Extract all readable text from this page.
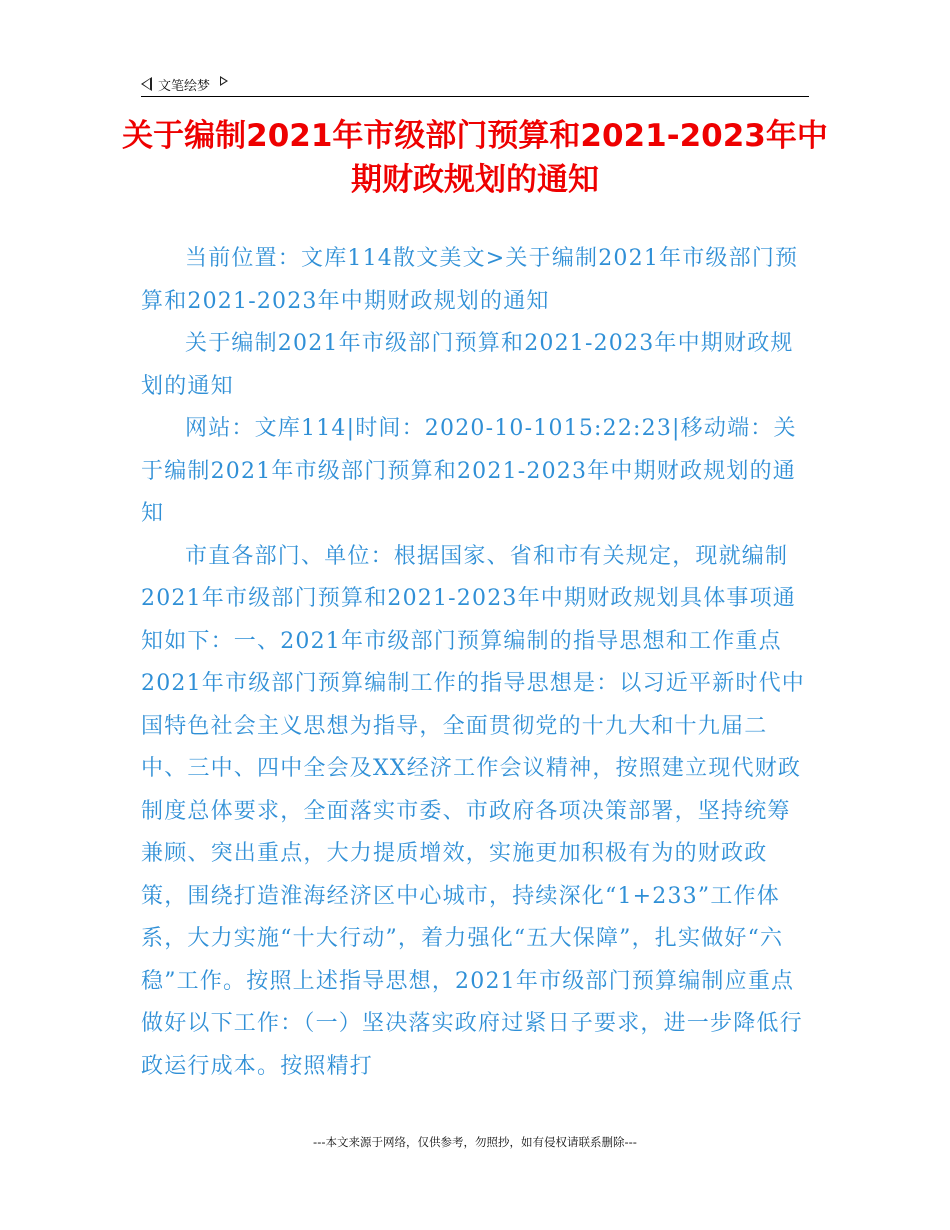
文笔绘梦
关于编制2021年市级部门预算和2021-2023年中期财政规划的通知

当前位置：文库114散文美文>关于编制2021年市级部门预算和2021-2023年中期财政规划的通知

关于编制2021年市级部门预算和2021-2023年中期财政规划的通知

网站：文库114|时间：2020-10-1015:22:23|移动端：关于编制2021年市级部门预算和2021-2023年中期财政规划的通知

市直各部门、单位：根据国家、省和市有关规定，现就编制2021年市级部门预算和2021-2023年中期财政规划具体事项通知如下：一、2021年市级部门预算编制的指导思想和工作重点2021年市级部门预算编制工作的指导思想是：以习近平新时代中国特色社会主义思想为指导，全面贯彻党的十九大和十九届二中、三中、四中全会及XX经济工作会议精神，按照建立现代财政制度总体要求，全面落实市委、市政府各项决策部署，坚持统筹兼顾、突出重点，大力提质增效，实施更加积极有为的财政政策，围绕打造淮海经济区中心城市，持续深化“1+233”工作体系，大力实施“十大行动”，着力强化“五大保障”，扎实做好“六稳”工作。按照上述指导思想，2021年市级部门预算编制应重点做好以下工作：（一）坚决落实政府过紧日子要求，进一步降低行政运行成本。按照精打

---本文来源于网络，仅供参考，勿照抄，如有侵权请联系删除---
